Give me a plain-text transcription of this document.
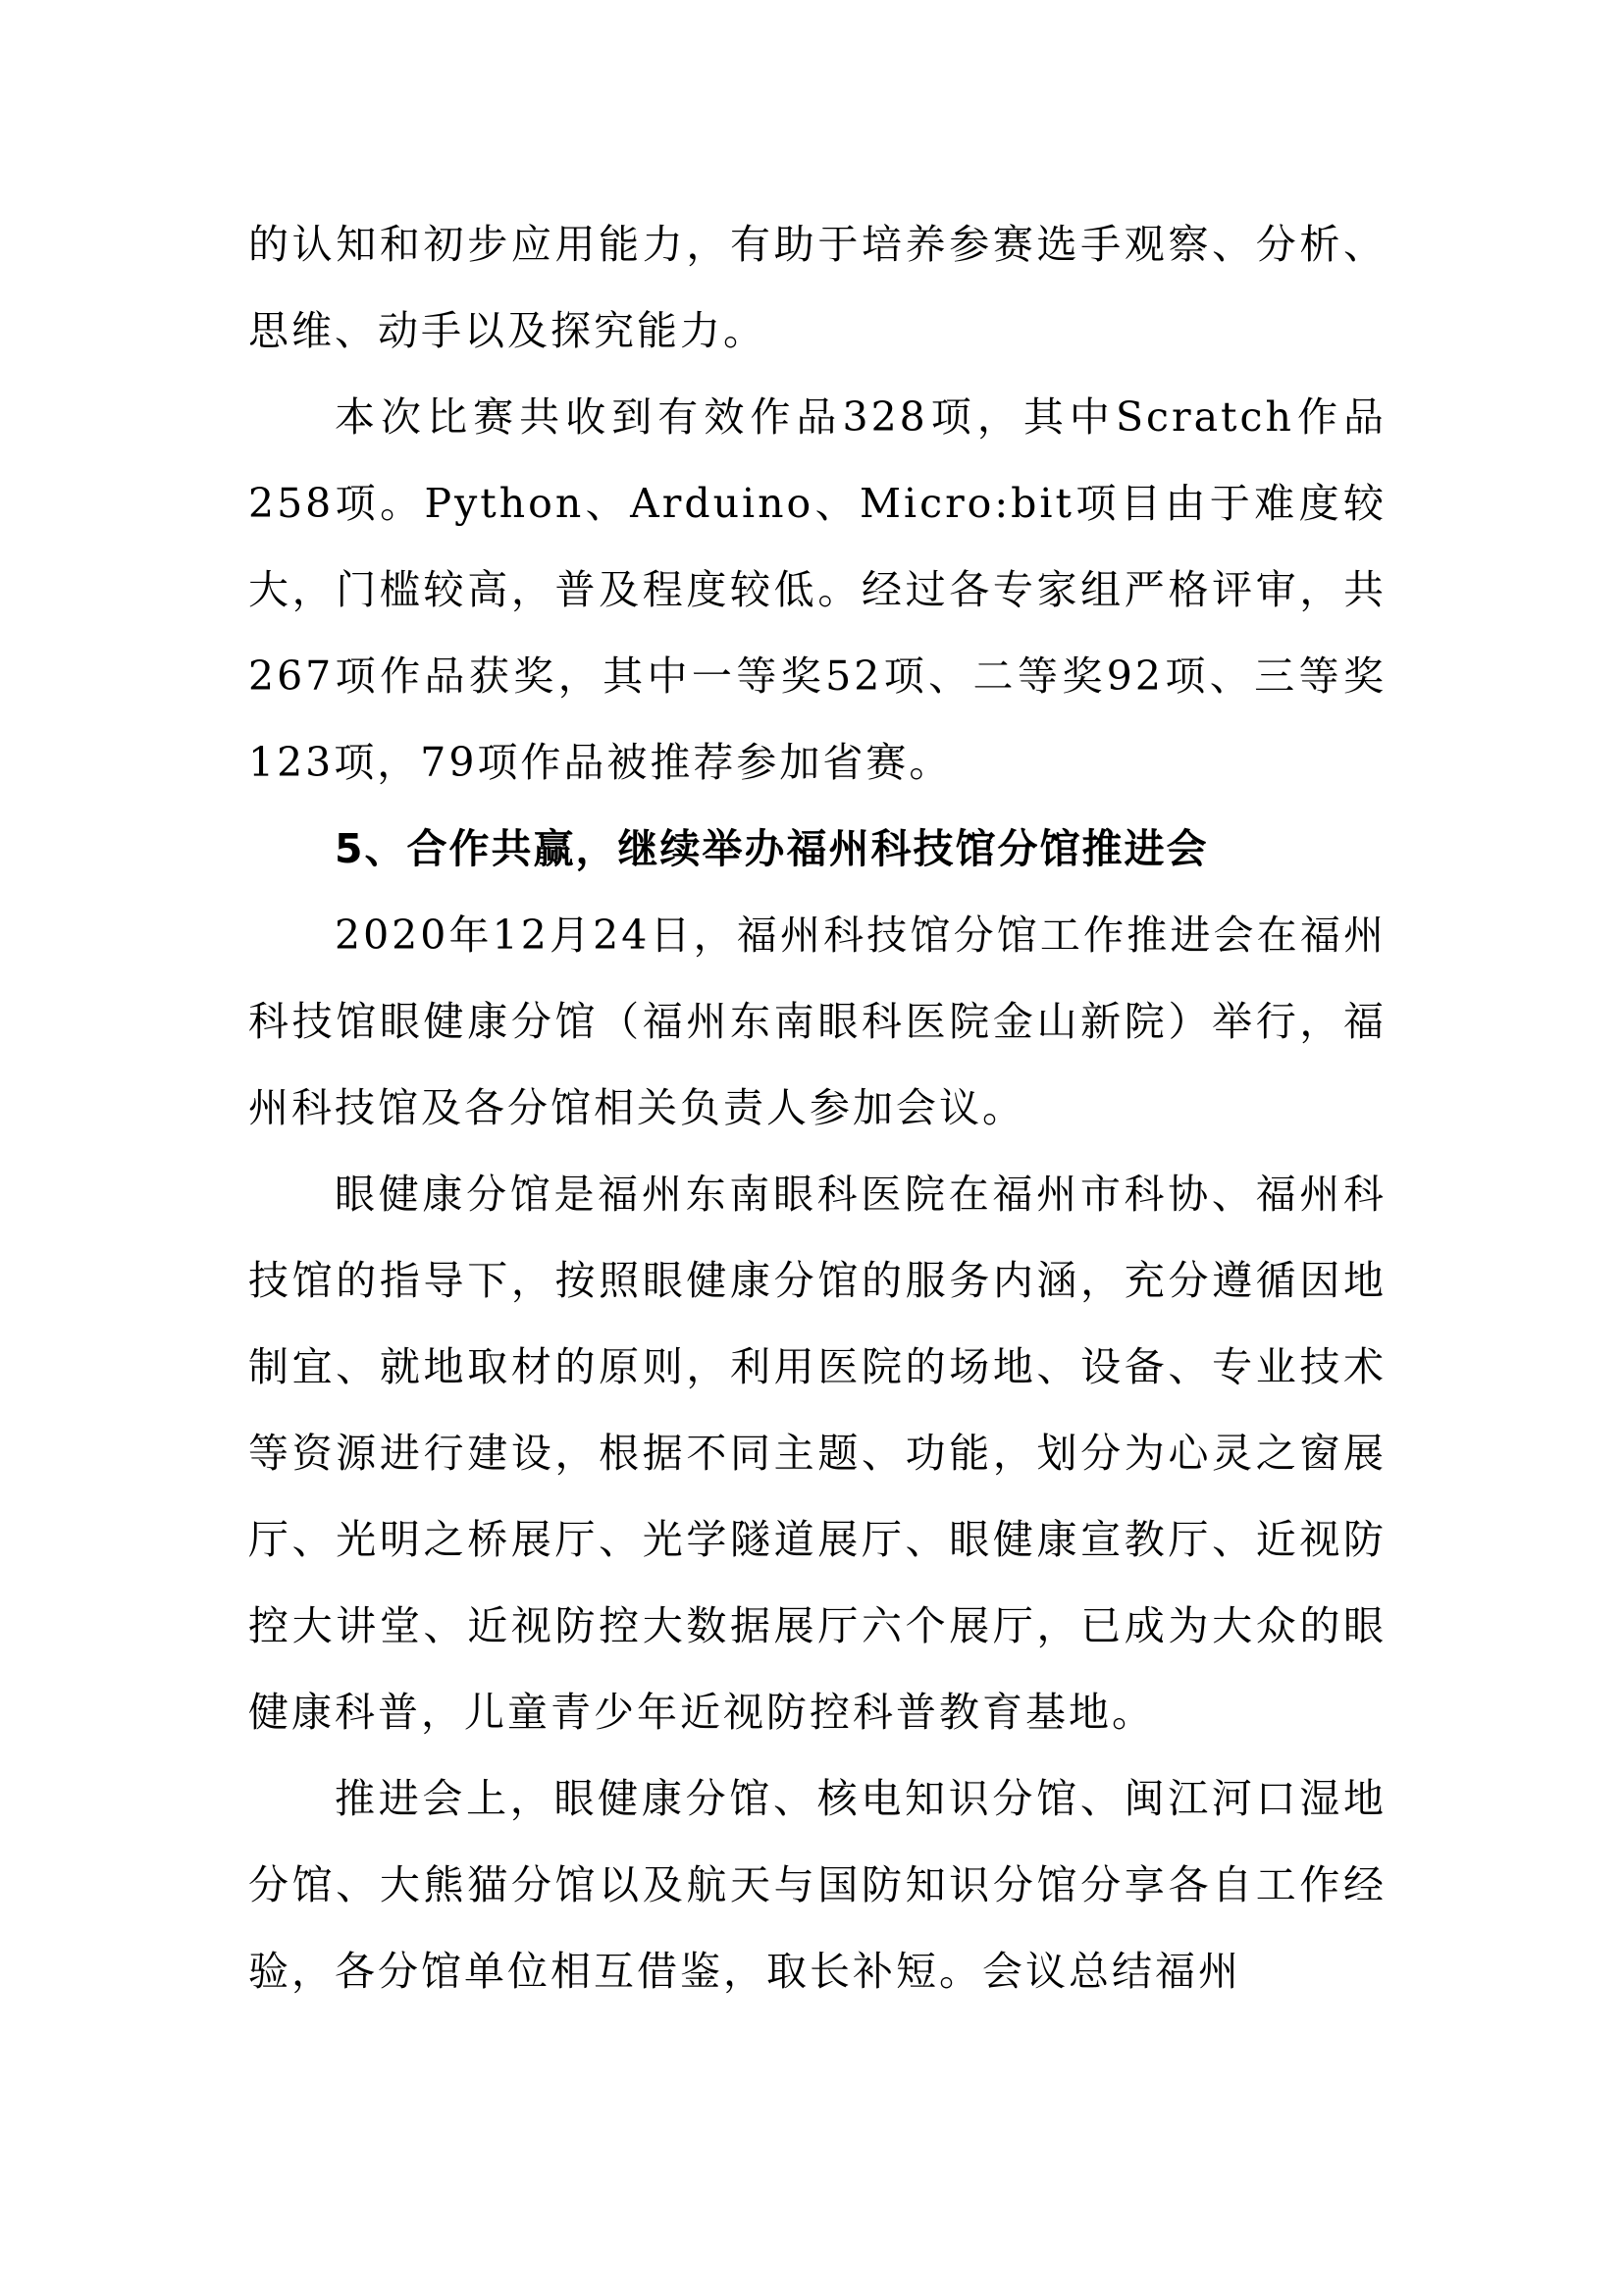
的认知和初步应用能力，有助于培养参赛选手观察、分析、思维、动手以及探究能力。

本次比赛共收到有效作品328项，其中Scratch作品258项。Python、Arduino、Micro:bit项目由于难度较大，门槛较高，普及程度较低。经过各专家组严格评审，共267项作品获奖，其中一等奖52项、二等奖92项、三等奖123项，79项作品被推荐参加省赛。

5、合作共赢，继续举办福州科技馆分馆推进会

2020年12月24日，福州科技馆分馆工作推进会在福州科技馆眼健康分馆（福州东南眼科医院金山新院）举行，福州科技馆及各分馆相关负责人参加会议。

眼健康分馆是福州东南眼科医院在福州市科协、福州科技馆的指导下，按照眼健康分馆的服务内涵，充分遵循因地制宜、就地取材的原则，利用医院的场地、设备、专业技术等资源进行建设，根据不同主题、功能，划分为心灵之窗展厅、光明之桥展厅、光学隧道展厅、眼健康宣教厅、近视防控大讲堂、近视防控大数据展厅六个展厅，已成为大众的眼健康科普，儿童青少年近视防控科普教育基地。

推进会上，眼健康分馆、核电知识分馆、闽江河口湿地分馆、大熊猫分馆以及航天与国防知识分馆分享各自工作经验，各分馆单位相互借鉴，取长补短。会议总结福州
